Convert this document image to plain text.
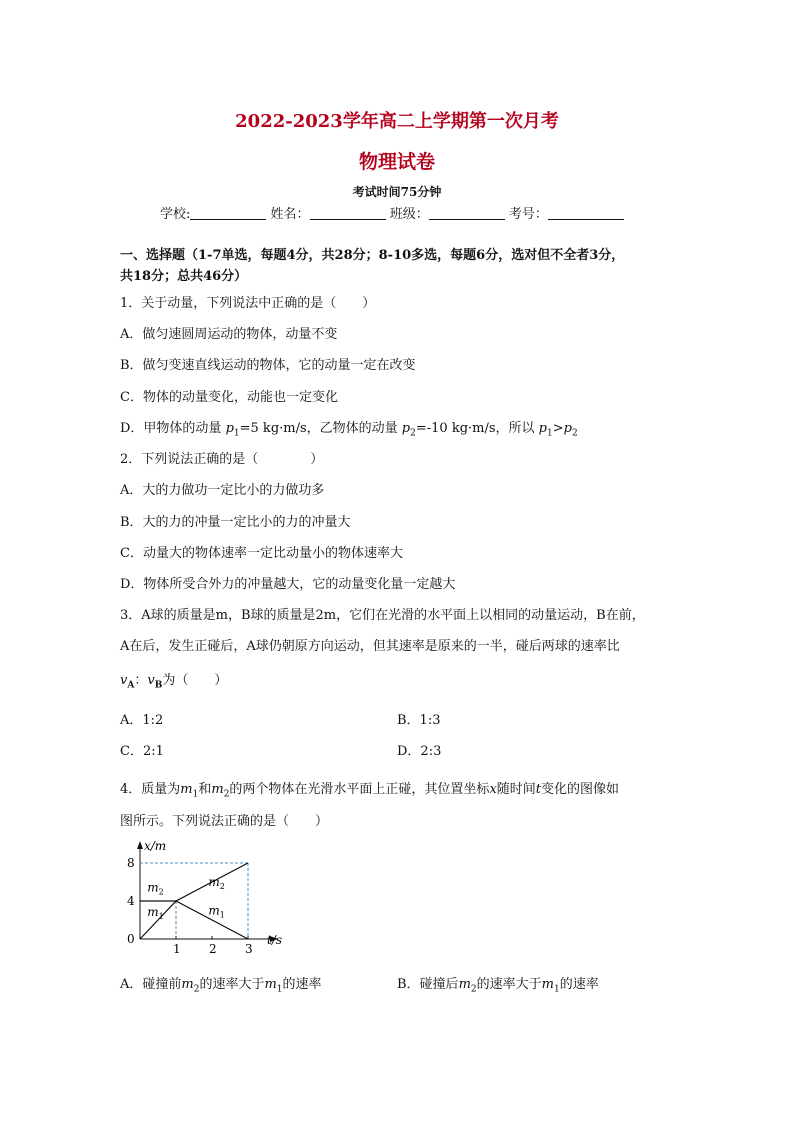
2022-2023学年高二上学期第一次月考
物理试卷
考试时间75分钟
学校:	姓名：	班级：	考号：
一、选择题（1-7单选，每题4分，共28分；8-10多选，每题6分，选对但不全者3分，
共18分；总共46分）
1．关于动量，下列说法中正确的是（　　）
A．做匀速圆周运动的物体，动量不变
B．做匀变速直线运动的物体，它的动量一定在改变
C．物体的动量变化，动能也一定变化
D．甲物体的动量 $p_1=5$ kg·m/s，乙物体的动量 $p_2=-10$ kg·m/s，所以 $p_1>p_2$
2．下列说法正确的是（　　　　）
A．大的力做功一定比小的力做功多
B．大的力的冲量一定比小的力的冲量大
C．动量大的物体速率一定比动量小的物体速率大
D．物体所受合外力的冲量越大，它的动量变化量一定越大
3．A球的质量是m，B球的质量是2m，它们在光滑的水平面上以相同的动量运动，B在前，
A在后，发生正碰后，A球仍朝原方向运动，但其速率是原来的一半，碰后两球的速率比
$v_A$：$v_B$为（　　）
A．1:2	B．1:3
C．2:1	D．2:3
4．质量为$m_1$和$m_2$的两个物体在光滑水平面上正碰，其位置坐标x随时间t变化的图像如
图所示。下列说法正确的是（　　）
1 2 3
0
4
8
t/s
x/m
$m_2$
$m_1$
$m_2$
$m_1$
A．碰撞前$m_2$的速率大于$m_1$的速率	B．碰撞后$m_2$的速率大于$m_1$的速率
